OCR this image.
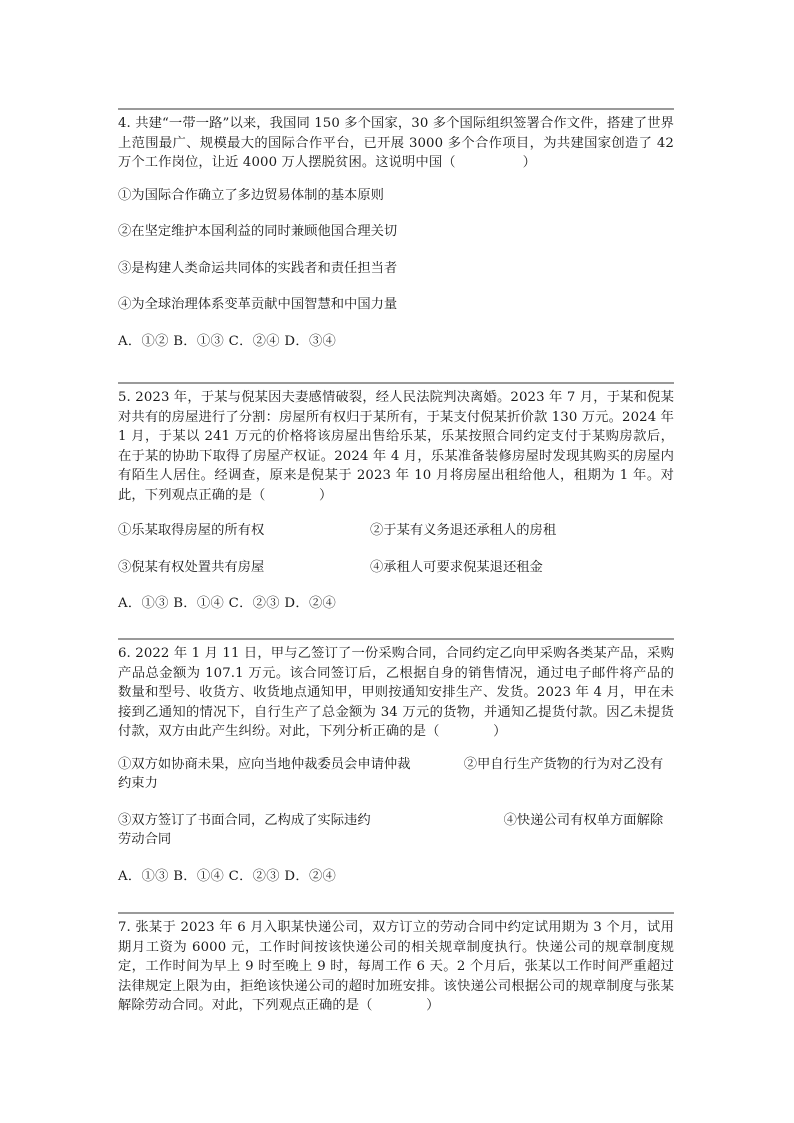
4. 共建“一带一路”以来，我国同 150 多个国家，30 多个国际组织签署合作文件，搭建了世界上范围最广、规模最大的国际合作平台，已开展 3000 多个合作项目，为共建国家创造了 42 万个工作岗位，让近 4000 万人摆脱贫困。这说明中国（　　　　　）

①为国际合作确立了多边贸易体制的基本原则

②在坚定维护本国利益的同时兼顾他国合理关切

③是构建人类命运共同体的实践者和责任担当者

④为全球治理体系变革贡献中国智慧和中国力量

A．①② B．①③ C．②④ D．③④

5. 2023 年，于某与倪某因夫妻感情破裂，经人民法院判决离婚。2023 年 7 月，于某和倪某对共有的房屋进行了分割：房屋所有权归于某所有，于某支付倪某折价款 130 万元。2024 年 1 月，于某以 241 万元的价格将该房屋出售给乐某，乐某按照合同约定支付于某购房款后，在于某的协助下取得了房屋产权证。2024 年 4 月，乐某准备装修房屋时发现其购买的房屋内有陌生人居住。经调查，原来是倪某于 2023 年 10 月将房屋出租给他人，租期为 1 年。对此，下列观点正确的是（　　　　）

①乐某取得房屋的所有权	②于某有义务退还承租人的房租
③倪某有权处置共有房屋	④承租人可要求倪某退还租金

A．①③ B．①④ C．②③ D．②④

6. 2022 年 1 月 11 日，甲与乙签订了一份采购合同，合同约定乙向甲采购各类某产品，采购产品总金额为 107.1 万元。该合同签订后，乙根据自身的销售情况，通过电子邮件将产品的数量和型号、收货方、收货地点通知甲，甲则按通知安排生产、发货。2023 年 4 月，甲在未接到乙通知的情况下，自行生产了总金额为 34 万元的货物，并通知乙提货付款。因乙未提货付款，双方由此产生纠纷。对此，下列分析正确的是（　　　　）

①双方如协商未果，应向当地仲裁委员会申请仲裁　　　　②甲自行生产货物的行为对乙没有约束力

③双方签订了书面合同，乙构成了实际违约　　　　　　　　　　④快递公司有权单方面解除劳动合同

A．①③ B．①④ C．②③ D．②④

7. 张某于 2023 年 6 月入职某快递公司，双方订立的劳动合同中约定试用期为 3 个月，试用期月工资为 6000 元，工作时间按该快递公司的相关规章制度执行。快递公司的规章制度规定，工作时间为早上 9 时至晚上 9 时，每周工作 6 天。2 个月后，张某以工作时间严重超过法律规定上限为由，拒绝该快递公司的超时加班安排。该快递公司根据公司的规章制度与张某解除劳动合同。对此，下列观点正确的是（　　　　）
